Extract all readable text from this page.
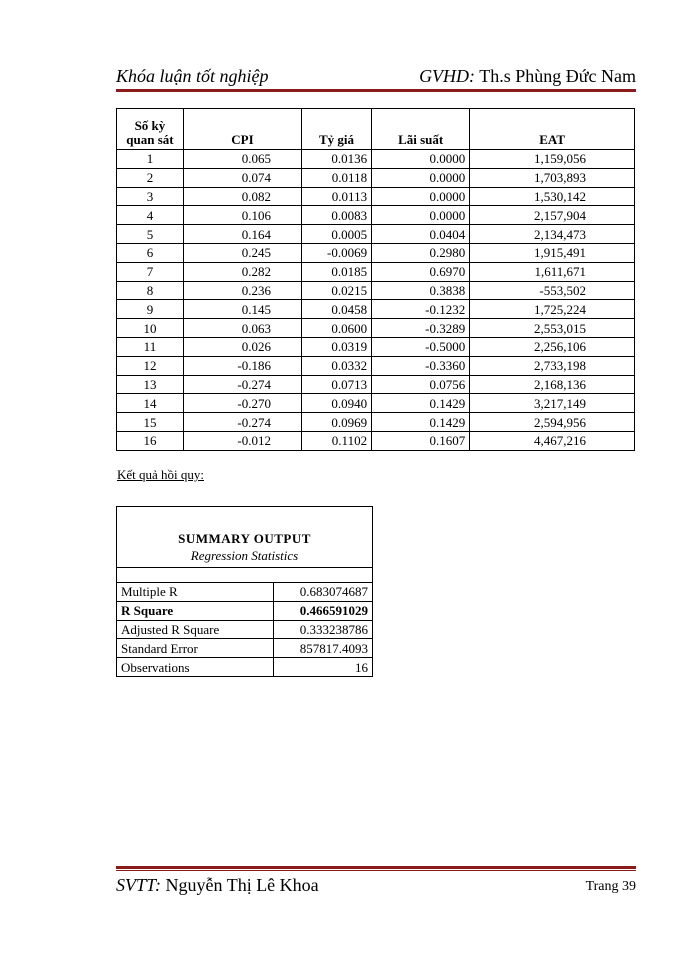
Khóa luận tốt nghiệp	GVHD: Th.s Phùng Đức Nam
Số kỳ
quan sát	CPI	Tỷ giá	Lãi suất	EAT
1	0.065	0.0136	0.0000	1,159,056
2	0.074	0.0118	0.0000	1,703,893
3	0.082	0.0113	0.0000	1,530,142
4	0.106	0.0083	0.0000	2,157,904
5	0.164	0.0005	0.0404	2,134,473
6	0.245	-0.0069	0.2980	1,915,491
7	0.282	0.0185	0.6970	1,611,671
8	0.236	0.0215	0.3838	-553,502
9	0.145	0.0458	-0.1232	1,725,224
10	0.063	0.0600	-0.3289	2,553,015
11	0.026	0.0319	-0.5000	2,256,106
12	-0.186	0.0332	-0.3360	2,733,198
13	-0.274	0.0713	0.0756	2,168,136
14	-0.270	0.0940	0.1429	3,217,149
15	-0.274	0.0969	0.1429	2,594,956
16	-0.012	0.1102	0.1607	4,467,216
Kết quả hồi quy:
SUMMARY OUTPUT	
Regression Statistics	

Multiple R	0.683074687
R Square	0.466591029
Adjusted R Square	0.333238786
Standard Error	857817.4093
Observations	16
SVTT: Nguyễn Thị Lê Khoa	Trang 39
